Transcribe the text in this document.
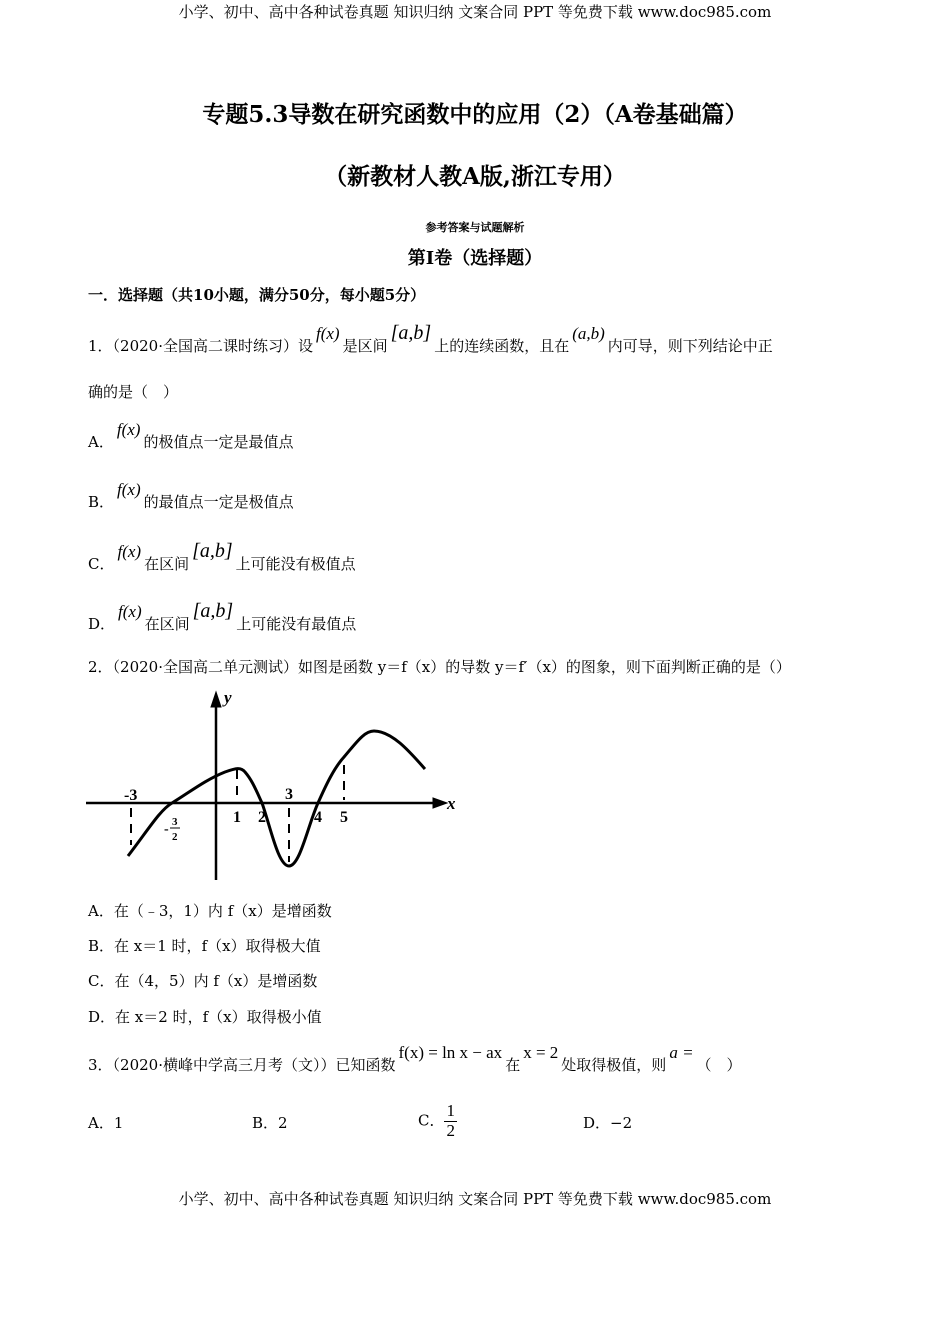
小学、初中、高中各种试卷真题 知识归纳 文案合同 PPT 等免费下载 www.doc985.com
专题5.3导数在研究函数中的应用（2）（A卷基础篇）
（新教材人教A版,浙江专用）
参考答案与试题解析
第Ⅰ卷（选择题）
一．选择题（共10小题，满分50分，每小题5分）
1．（2020·全国高二课时练习）设f(x)是区间[a,b]上的连续函数，且在(a,b)内可导，则下列结论中正
确的是（　）
A．f(x)的极值点一定是最值点
B．f(x)的最值点一定是极值点
C．f(x)在区间[a,b]上可能没有极值点
D．f(x)在区间[a,b]上可能没有最值点
2．（2020·全国高二单元测试）如图是函数 y＝f（x）的导数 y＝f′（x）的图象，则下面判断正确的是（）
y
x
-3
1 2
3
4 5
- 3
2
A．在（﹣3，1）内 f（x）是增函数
B．在 x＝1 时，f（x）取得极大值
C．在（4，5）内 f（x）是增函数
D．在 x＝2 时，f（x）取得极小值
3．（2020·横峰中学高三月考（文））已知函数f(x) = ln x − ax在x = 2处取得极值，则a =（　）
A．1	B．2	C． $\frac{1}{2}$	D．−2
小学、初中、高中各种试卷真题 知识归纳 文案合同 PPT 等免费下载 www.doc985.com
